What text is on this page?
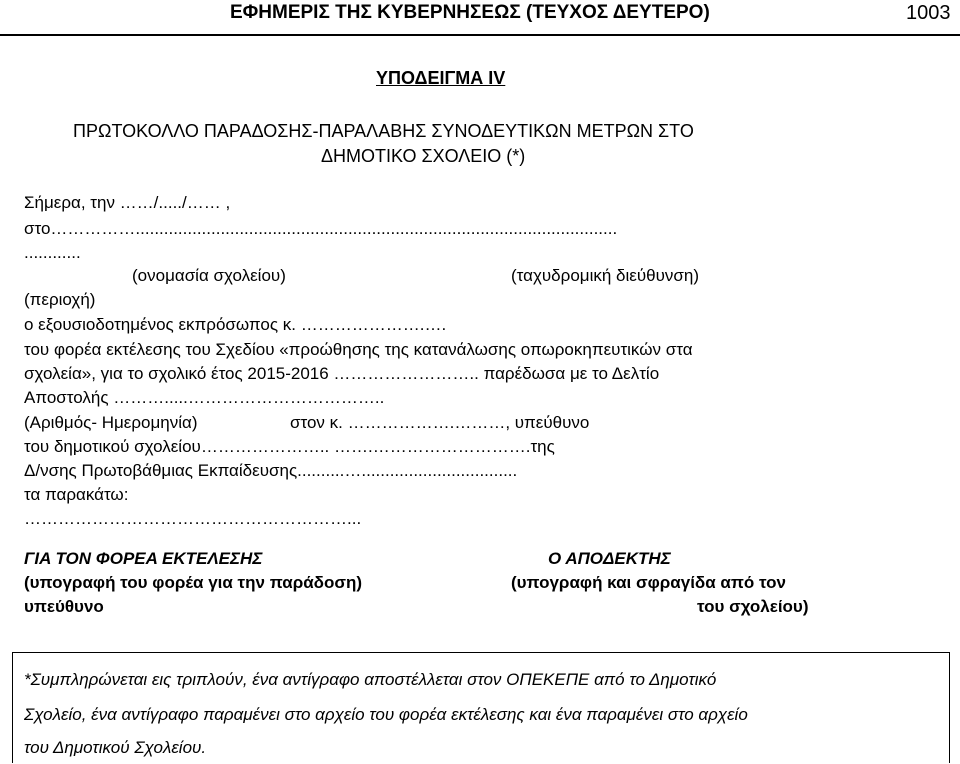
ΕΦΗΜΕΡΙΣ ΤΗΣ ΚΥΒΕΡΝΗΣΕΩΣ (ΤΕΥΧΟΣ ΔΕΥΤΕΡΟ)	1003
ΥΠΟΔΕΙΓΜΑ IV
ΠΡΩΤΟΚΟΛΛΟ ΠΑΡΑΔΟΣΗΣ-ΠΑΡΑΛΑΒΗΣ ΣΥΝΟΔΕΥΤΙΚΩΝ ΜΕΤΡΩΝ ΣΤΟ
ΔΗΜΟΤΙΚΟ ΣΧΟΛΕΙΟ (*)
Σήμερα, την ……/...../…… ,
στο……………......................................................................................................
............
(ονομασία σχολείου)	(ταχυδρομική διεύθυνση)
(περιοχή)
ο εξουσιοδοτημένος εκπρόσωπος κ. ………………….….
του φορέα εκτέλεσης του Σχεδίου «προώθησης της κατανάλωσης οπωροκηπευτικών στα
σχολεία», για το σχολικό έτος 2015-2016 …………………….. παρέδωσα με το Δελτίο
Αποστολής ……….....……………………………..
(Αριθμός- Ημερομηνία)	στον κ. ……………….………, υπεύθυνο
του δημοτικού σχολείου………………….. …….……………………….της
Δ/νσης Πρωτοβάθμιας Εκπαίδευσης..........….................................
τα παρακάτω:
…………………………………………………...
ΓΙΑ ΤΟΝ ΦΟΡΕΑ ΕΚΤΕΛΕΣΗΣ
(υπογραφή του φορέα για την παράδοση)
υπεύθυνο
Ο ΑΠΟΔΕΚΤΗΣ
(υπογραφή και σφραγίδα από τον
του σχολείου)
*Συμπληρώνεται εις τριπλούν, ένα αντίγραφο αποστέλλεται στον ΟΠΕΚΕΠΕ από το Δημοτικό
Σχολείο, ένα αντίγραφο παραμένει στο αρχείο του φορέα εκτέλεσης και ένα παραμένει στο αρχείο
του Δημοτικού Σχολείου.
